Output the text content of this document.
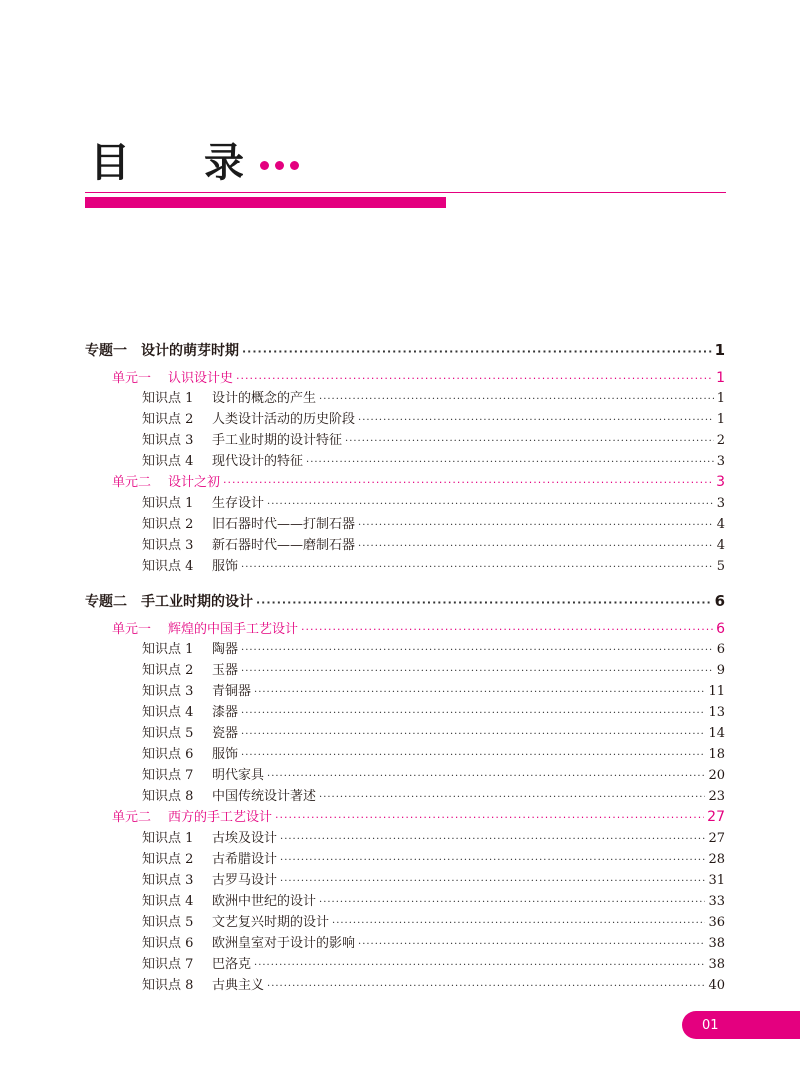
目 录
专题一	设计的萌芽时期 ·····	1
单元一	认识设计史 ·····	1
知识点 1	设计的概念的产生 ·····	1
知识点 2	人类设计活动的历史阶段 ·····	1
知识点 3	手工业时期的设计特征 ·····	2
知识点 4	现代设计的特征 ·····	3
单元二	设计之初 ·····	3
知识点 1	生存设计 ·····	3
知识点 2	旧石器时代——打制石器 ·····	4
知识点 3	新石器时代——磨制石器 ·····	4
知识点 4	服饰 ·····	5
专题二	手工业时期的设计 ·····	6
单元一	辉煌的中国手工艺设计 ·····	6
知识点 1	陶器 ·····	6
知识点 2	玉器 ·····	9
知识点 3	青铜器 ·····	11
知识点 4	漆器 ·····	13
知识点 5	瓷器 ·····	14
知识点 6	服饰 ·····	18
知识点 7	明代家具 ·····	20
知识点 8	中国传统设计著述 ·····	23
单元二	西方的手工艺设计 ·····	27
知识点 1	古埃及设计 ·····	27
知识点 2	古希腊设计 ·····	28
知识点 3	古罗马设计 ·····	31
知识点 4	欧洲中世纪的设计 ·····	33
知识点 5	文艺复兴时期的设计 ·····	36
知识点 6	欧洲皇室对于设计的影响 ·····	38
知识点 7	巴洛克 ·····	38
知识点 8	古典主义 ·····	40
01
